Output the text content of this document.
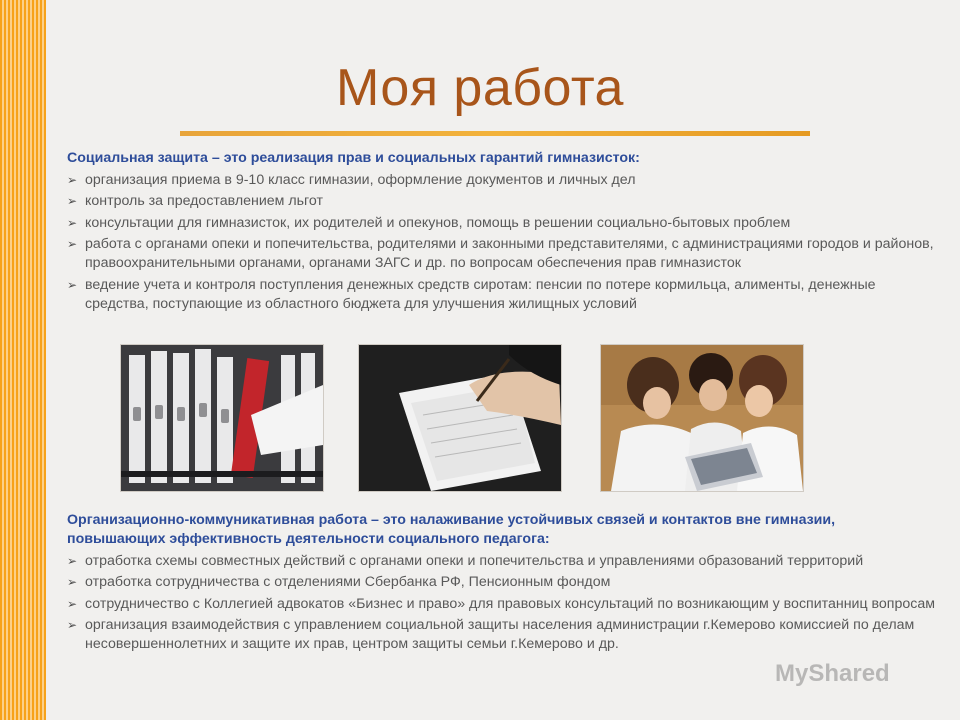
Моя работа
Социальная защита – это реализация прав и социальных гарантий гимназисток:
➢ организация приема в 9-10 класс гимназии, оформление документов и личных дел
➢ контроль за предоставлением льгот
➢ консультации для гимназисток, их родителей и опекунов, помощь в решении социально-бытовых проблем
➢ работа с органами опеки и попечительства, родителями и законными представителями, с администрациями городов и районов, правоохранительными органами, органами ЗАГС и др. по вопросам обеспечения прав гимназисток
➢ ведение учета и контроля поступления денежных средств сиротам: пенсии по потере кормильца, алименты, денежные средства, поступающие из областного бюджета для улучшения жилищных условий
Организационно-коммуникативная работа – это налаживание устойчивых связей и контактов вне гимназии, повышающих эффективность деятельности социального педагога:
➢ отработка схемы совместных действий с органами опеки и попечительства и управлениями образований территорий
➢ отработка сотрудничества с отделениями Сбербанка РФ, Пенсионным фондом
➢ сотрудничество с Коллегией адвокатов «Бизнес и право» для правовых консультаций по возникающим у воспитанниц вопросам
➢ организация взаимодействия с управлением социальной защиты населения администрации г.Кемерово комиссией по делам несовершеннолетних и защите их прав, центром защиты семьи г.Кемерово и др.
MyShared
